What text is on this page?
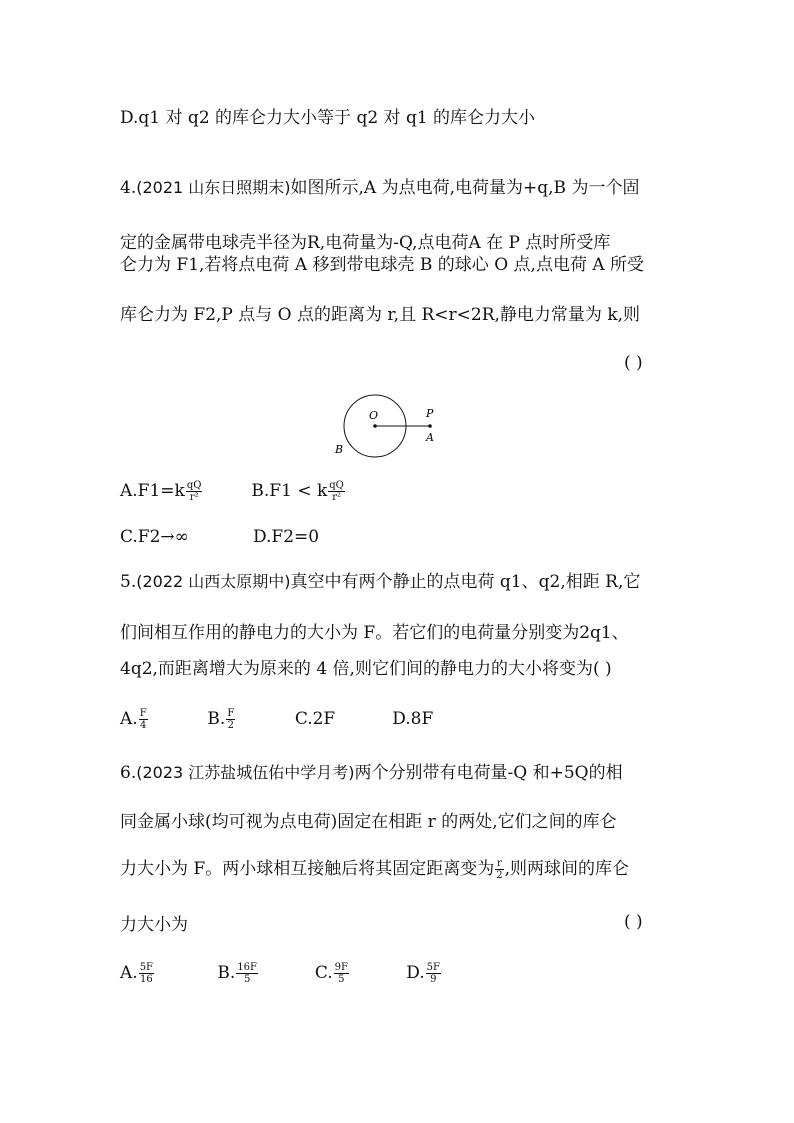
D.q1 对 q2 的库仑力大小等于 q2 对 q1 的库仑力大小
4.(2021 山东日照期末)如图所示,A 为点电荷,电荷量为+q,B 为一个固
定的金属带电球壳半径为R,电荷量为-Q,点电荷A 在 P 点时所受库
仑力为 F1,若将点电荷 A 移到带电球壳 B 的球心 O 点,点电荷 A 所受
库仑力为 F2,P 点与 O 点的距离为 r,且 R<r<2R,静电力常量为 k,则
( )
O	P
A
B
$A.F1=k \frac{qQ}{\text{r²}}$	B.F1 < k $\frac{qQ}{\text{r²}}$
C.F2→∞	D.F2=0
5.(2022 山西太原期中)真空中有两个静止的点电荷 q1、q2,相距 R,它
们间相互作用的静电力的大小为 F。若它们的电荷量分别变为2q1、
4q2,而距离增大为原来的 4 倍,则它们间的静电力的大小将变为( )
A. $\frac{F}{4}$	B. $\frac{F}{2}$	C.2F	D.8F
6.(2023 江苏盐城伍佑中学月考)两个分别带有电荷量-Q 和+5Q的相
同金属小球(均可视为点电荷)固定在相距 r 的两处,它们之间的库仑
力大小为 F。两小球相互接触后将其固定距离变为 $\frac{r}{2}$ ,则两球间的库仑
力大小为	( )
A. $\frac{5F}{16}$	B. $\frac{16F}{5}$	C. $\frac{9F}{5}$	D. $\frac{5F}{9}$
